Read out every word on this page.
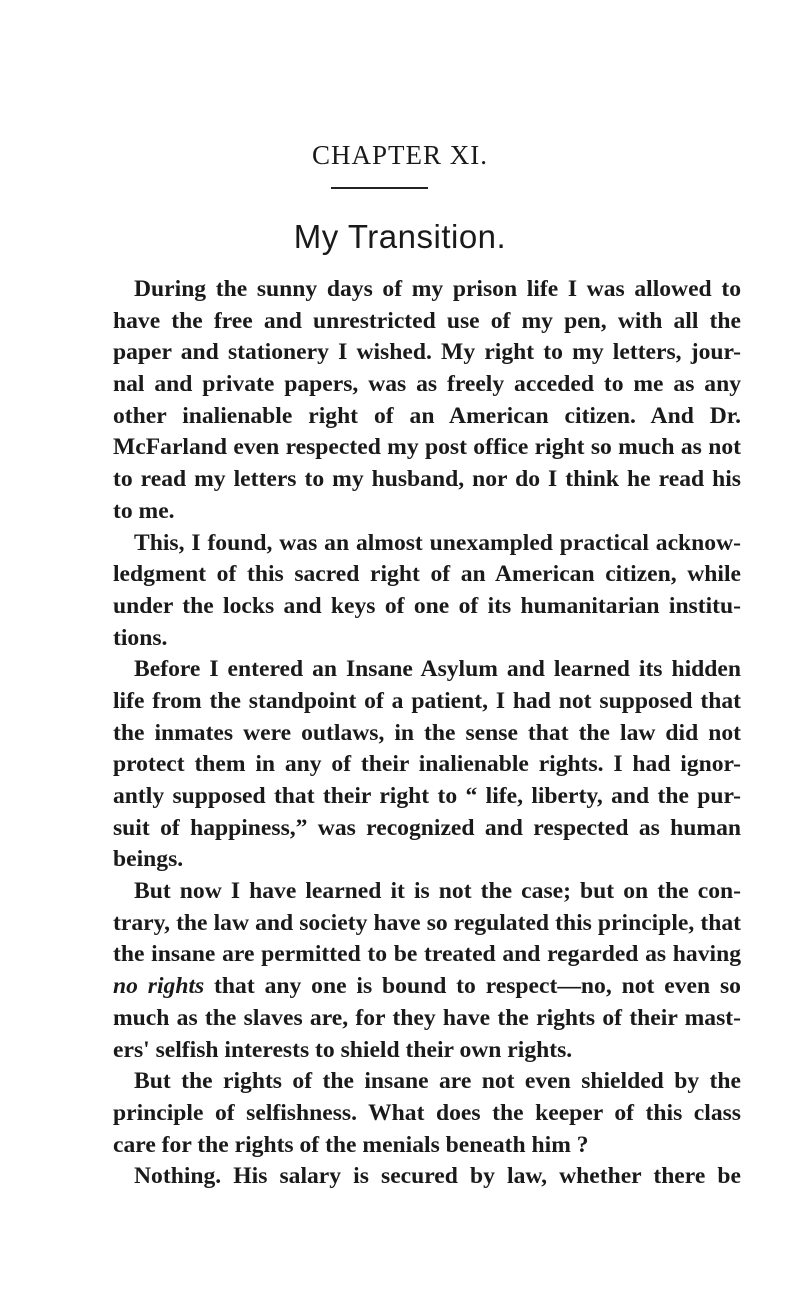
CHAPTER XI.
My Transition.
During the sunny days of my prison life I was allowed to
have the free and unrestricted use of my pen, with all the
paper and stationery I wished. My right to my letters, jour-
nal and private papers, was as freely acceded to me as any
other inalienable right of an American citizen. And Dr.
McFarland even respected my post office right so much as not
to read my letters to my husband, nor do I think he read his
to me.
This, I found, was an almost unexampled practical acknow-
ledgment of this sacred right of an American citizen, while
under the locks and keys of one of its humanitarian institu-
tions.
Before I entered an Insane Asylum and learned its hidden
life from the standpoint of a patient, I had not supposed that
the inmates were outlaws, in the sense that the law did not
protect them in any of their inalienable rights. I had ignor-
antly supposed that their right to “ life, liberty, and the pur-
suit of happiness,” was recognized and respected as human
beings.
But now I have learned it is not the case; but on the con-
trary, the law and society have so regulated this principle, that
the insane are permitted to be treated and regarded as having
no rights that any one is bound to respect—no, not even so
much as the slaves are, for they have the rights of their mast-
ers' selfish interests to shield their own rights.
But the rights of the insane are not even shielded by the
principle of selfishness. What does the keeper of this class
care for the rights of the menials beneath him ?
Nothing. His salary is secured by law, whether there be
